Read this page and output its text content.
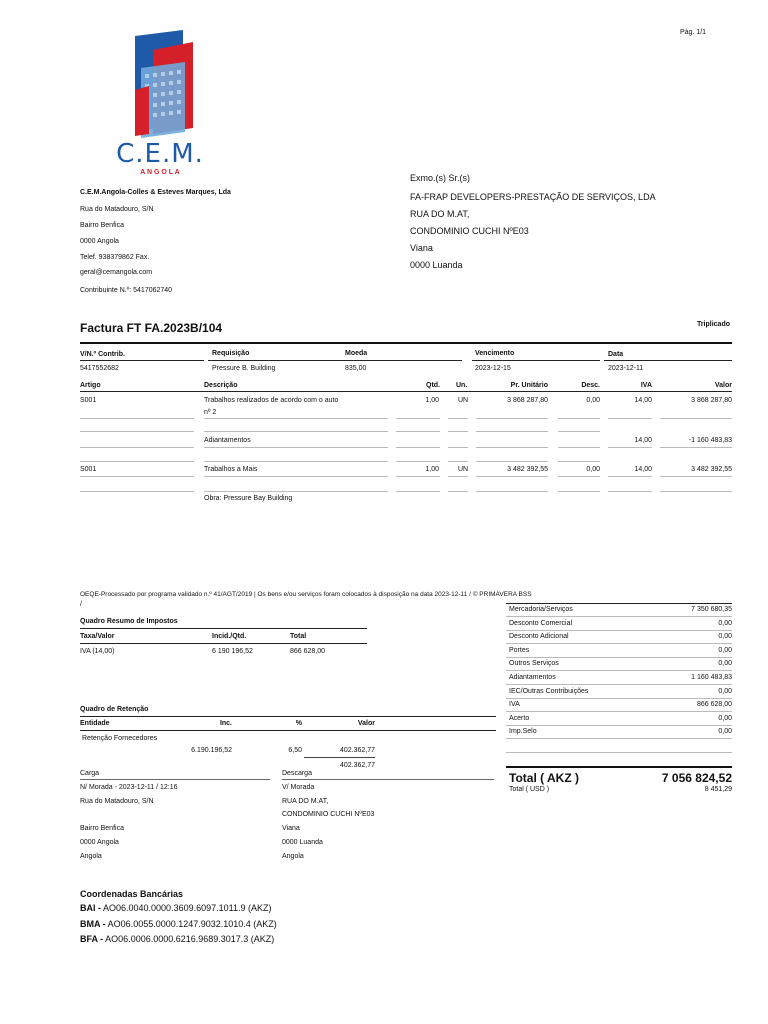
Pág. 1/1
C.E.M.
A N G O L A
C.E.M.Angola-Colles & Esteves Marques, Lda
Rua do Matadouro, S/N
Bairro Benfica
0000 Angola
Telef. 938379862 Fax.
geral@cemangola.com
Contribuinte N.º: 5417062740
Exmo.(s) Sr.(s)
FA-FRAP DEVELOPERS-PRESTAÇÃO DE SERVIÇOS, LDA
RUA DO M.AT,
CONDOMINIO CUCHI NºE03
Viana
0000 Luanda
Factura FT FA.2023B/104	Triplicado
V/N.º Contrib.	Requisição	Moeda	Vencimento	Data
5417552682	Pressure B. Building	835,00	2023-12-15	2023-12-11
Artigo	Descrição	Qtd. Un.	Pr. Unitário	Desc.	IVA	Valor
S001	Trabalhos realizados de acordo com o auto
nº 2
1,00	UN	3 868 287,80	0,00	14,00	3 868 287,80
Adiantamentos	14,00	-1 160 483,83
S001	Trabalhos a Mais	1,00	UN	3 482 392,55	0,00	14,00	3 482 392,55
Obra: Pressure Bay Building
OEQE-Processado por programa validado n.º 41/AGT/2019 | Os bens e/ou serviços foram colocados à disposição na data 2023-12-11 / © PRIMAVERA BSS
/
Quadro Resumo de Impostos
Taxa/Valor	Incid./Qtd.	Total
IVA (14,00)	6 190 196,52	866 628,00
Quadro de Retenção
Entidade	Inc.	%	Valor
Retenção Fornecedores
6.190.196,52	6,50	402.362,77
402.362,77
Mercadoria/Serviços	7 350 680,35
Desconto Comercial	0,00
Desconto Adicional	0,00
Portes	0,00
Outros Serviços	0,00
Adiantamentos	1 160 483,83
IEC/Outras Contribuições	0,00
IVA	866 628,00
Acerto	0,00
Imp.Selo	0,00
Total ( AKZ )	7 056 824,52
Total ( USD )	8 451,29
Carga
N/ Morada - 2023-12-11 / 12:16
Rua do Matadouro, S/N
Bairro Benfica
0000 Angola
Angola
Descarga
V/ Morada
RUA DO M.AT,
CONDOMINIO CUCHI NºE03
Viana
0000 Luanda
Angola
Coordenadas Bancárias
BAI - AO06.0040.0000.3609.6097.1011.9 (AKZ)
BMA - AO06.0055.0000.1247.9032.1010.4 (AKZ)
BFA - AO06.0006.0000.6216.9689.3017.3 (AKZ)
